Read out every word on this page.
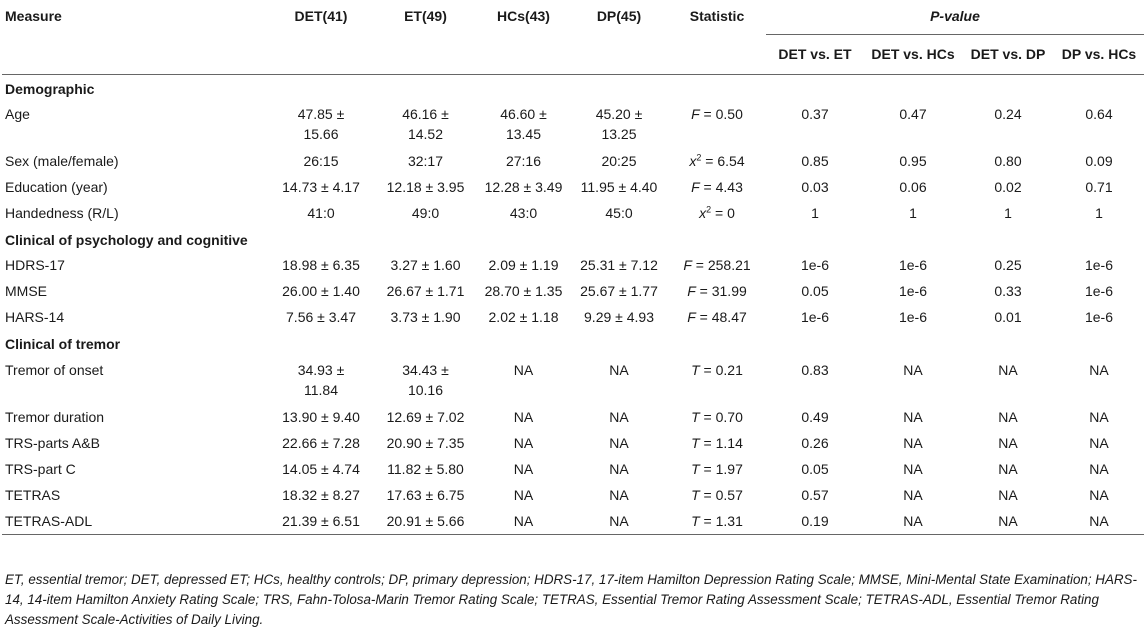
Measure	DET(41)	ET(49)	HCs(43)	DP(45)	Statistic	P-value			
						DET vs. ET	DET vs. HCs	DET vs. DP	DP vs. HCs
Demographic									
Age	47.85 ± 15.66	46.16 ± 14.52	46.60 ± 13.45	45.20 ± 13.25	F = 0.50	0.37	0.47	0.24	0.64
Sex (male/female)	26:15	32:17	27:16	20:25	$x^2 = 6.54$	0.85	0.95	0.80	0.09
Education (year)	14.73 ± 4.17	12.18 ± 3.95	12.28 ± 3.49	11.95 ± 4.40	F = 4.43	0.03	0.06	0.02	0.71
Handedness (R/L)	41:0	49:0	43:0	45:0	$x^2 = 0$	1	1	1	1
Clinical of psychology and cognitive									
HDRS-17	18.98 ± 6.35	3.27 ± 1.60	2.09 ± 1.19	25.31 ± 7.12	F = 258.21	1e-6	1e-6	0.25	1e-6
MMSE	26.00 ± 1.40	26.67 ± 1.71	28.70 ± 1.35	25.67 ± 1.77	F = 31.99	0.05	1e-6	0.33	1e-6
HARS-14	7.56 ± 3.47	3.73 ± 1.90	2.02 ± 1.18	9.29 ± 4.93	F = 48.47	1e-6	1e-6	0.01	1e-6
Clinical of tremor									
Tremor of onset	34.93 ± 11.84	34.43 ± 10.16	NA	NA	T = 0.21	0.83	NA	NA	NA
Tremor duration	13.90 ± 9.40	12.69 ± 7.02	NA	NA	T = 0.70	0.49	NA	NA	NA
TRS-parts A&B	22.66 ± 7.28	20.90 ± 7.35	NA	NA	T = 1.14	0.26	NA	NA	NA
TRS-part C	14.05 ± 4.74	11.82 ± 5.80	NA	NA	T = 1.97	0.05	NA	NA	NA
TETRAS	18.32 ± 8.27	17.63 ± 6.75	NA	NA	T = 0.57	0.57	NA	NA	NA
TETRAS-ADL	21.39 ± 6.51	20.91 ± 5.66	NA	NA	T = 1.31	0.19	NA	NA	NA
ET, essential tremor; DET, depressed ET; HCs, healthy controls; DP, primary depression; HDRS-17, 17-item Hamilton Depression Rating Scale; MMSE, Mini-Mental State Examination; HARS-14, 14-item Hamilton Anxiety Rating Scale; TRS, Fahn-Tolosa-Marin Tremor Rating Scale; TETRAS, Essential Tremor Rating Assessment Scale; TETRAS-ADL, Essential Tremor Rating Assessment Scale-Activities of Daily Living.
